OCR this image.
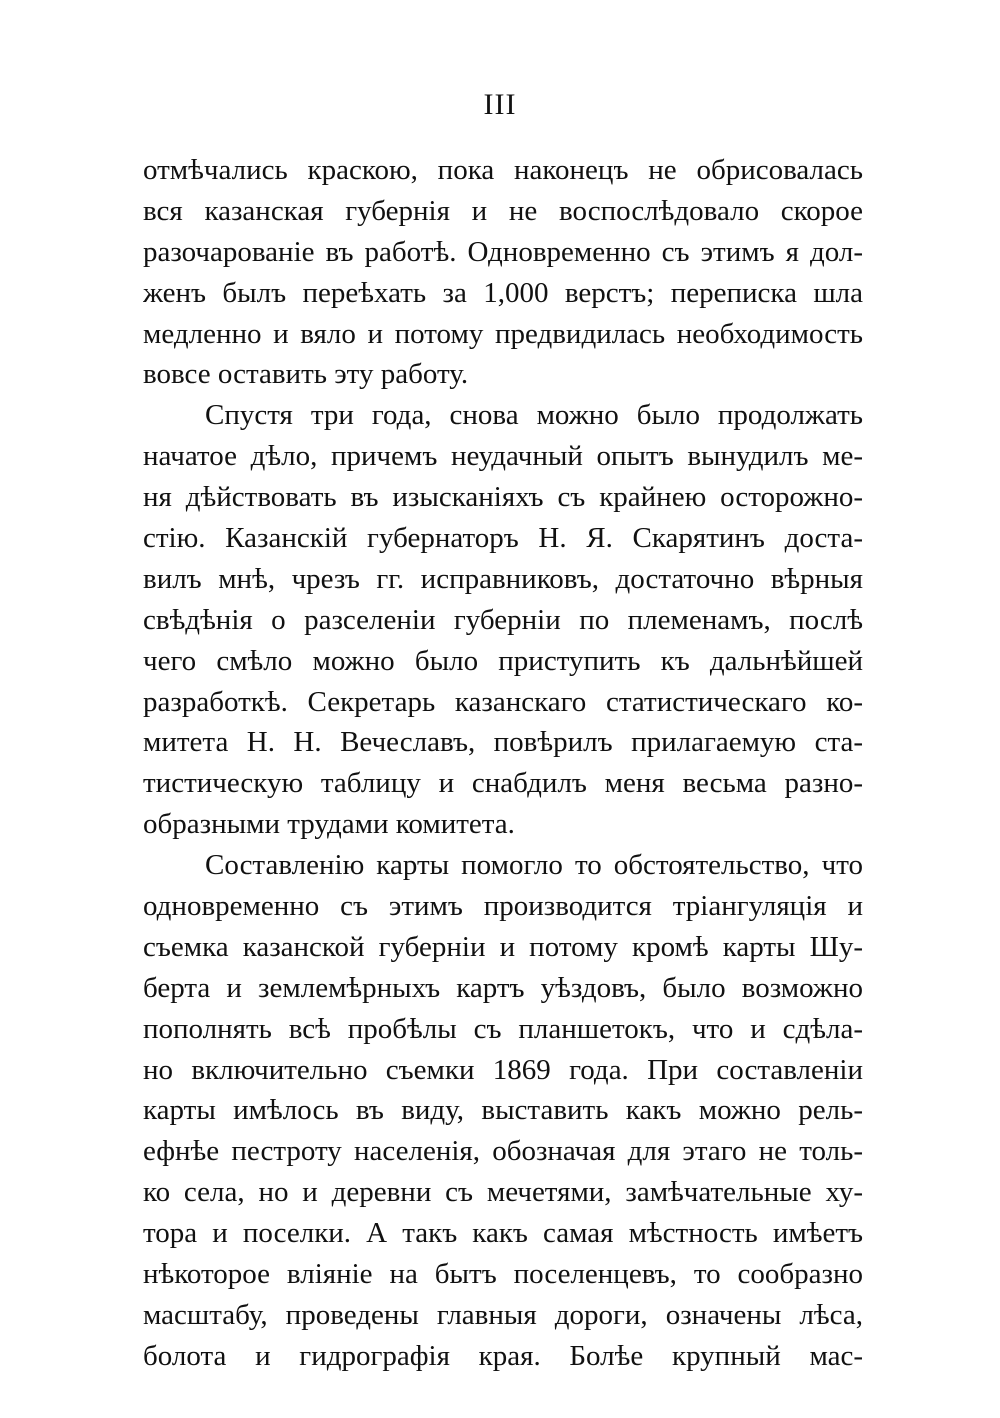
III
отмѣчались краскою, пока наконецъ не обрисовалась
вся казанская губернія и не воспослѣдовало скорое
разочарованіе въ работѣ. Одновременно съ этимъ я дол-
женъ былъ переѣхать за 1,000 верстъ; переписка шла
медленно и вяло и потому предвидилась необходимость
вовсе оставить эту работу.
Спустя три года, снова можно было продолжать
начатое дѣло, причемъ неудачный опытъ вынудилъ ме-
ня дѣйствовать въ изысканіяхъ съ крайнею осторожно-
стію. Казанскій губернаторъ Н. Я. Скарятинъ доста-
вилъ мнѣ, чрезъ гг. исправниковъ, достаточно вѣрныя
свѣдѣнія о разселеніи губерніи по племенамъ, послѣ
чего смѣло можно было приступить къ дальнѣйшей
разработкѣ. Секретарь казанскаго статистическаго ко-
митета Н. Н. Вечеславъ, повѣрилъ прилагаемую ста-
тистическую таблицу и снабдилъ меня весьма разно-
образными трудами комитета.
Составленію карты помогло то обстоятельство, что
одновременно съ этимъ производится тріангуляція и
съемка казанской губерніи и потому кромѣ карты Шу-
берта и землемѣрныхъ картъ уѣздовъ, было возможно
пополнять всѣ пробѣлы съ планшетокъ, что и сдѣла-
но включительно съемки 1869 года. При составленіи
карты имѣлось въ виду, выставить какъ можно рель-
ефнѣе пестроту населенія, обозначая для этаго не толь-
ко села, но и деревни съ мечетями, замѣчательные ху-
тора и поселки. А такъ какъ самая мѣстность имѣетъ
нѣкоторое вліяніе на бытъ поселенцевъ, то сообразно
масштабу, проведены главныя дороги, означены лѣса,
болота и гидрографія края. Болѣе крупный мас-
